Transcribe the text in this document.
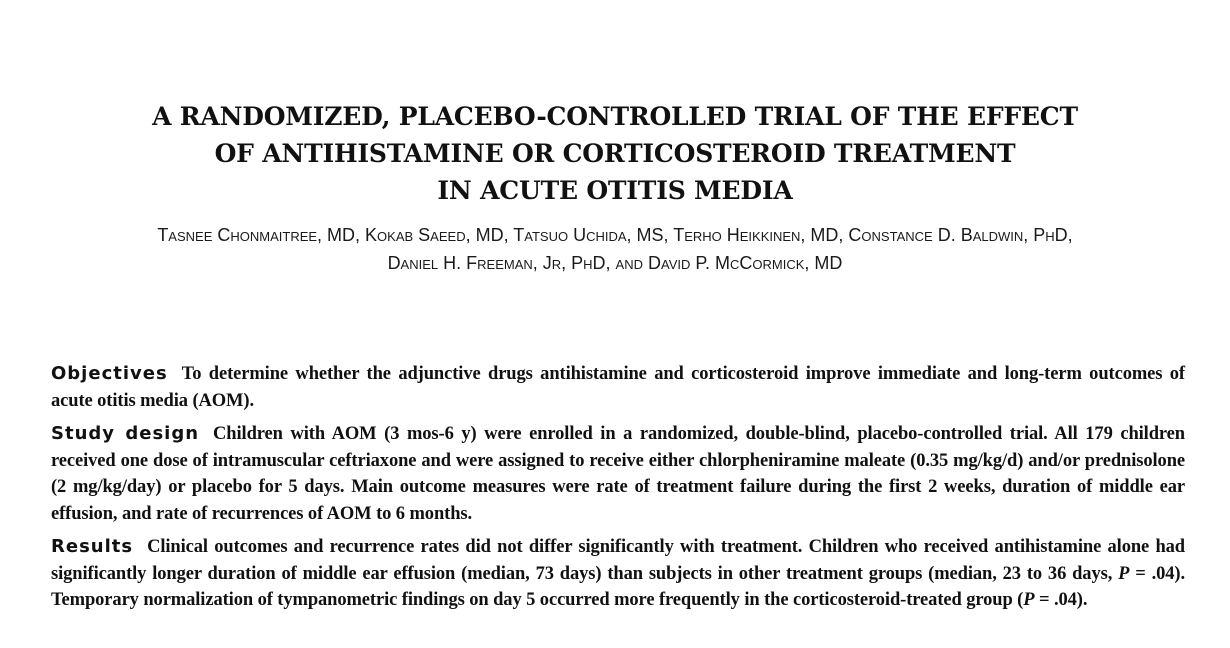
A RANDOMIZED, PLACEBO-CONTROLLED TRIAL OF THE EFFECT
OF ANTIHISTAMINE OR CORTICOSTEROID TREATMENT
IN ACUTE OTITIS MEDIA
Tasnee Chonmaitree, MD, Kokab Saeed, MD, Tatsuo Uchida, MS, Terho Heikkinen, MD, Constance D. Baldwin, PhD,
Daniel H. Freeman, Jr, PhD, and David P. McCormick, MD

Objectives To determine whether the adjunctive drugs antihistamine and corticosteroid improve immediate and long-term outcomes of acute otitis media (AOM).

Study design Children with AOM (3 mos-6 y) were enrolled in a randomized, double-blind, placebo-controlled trial. All 179 children received one dose of intramuscular ceftriaxone and were assigned to receive either chlorpheniramine maleate (0.35 mg/kg/d) and/or prednisolone (2 mg/kg/day) or placebo for 5 days. Main outcome measures were rate of treatment failure during the first 2 weeks, duration of middle ear effusion, and rate of recurrences of AOM to 6 months.

Results Clinical outcomes and recurrence rates did not differ significantly with treatment. Children who received antihistamine alone had significantly longer duration of middle ear effusion (median, 73 days) than subjects in other treatment groups (median, 23 to 36 days, P = .04). Temporary normalization of tympanometric findings on day 5 occurred more frequently in the corticosteroid-treated group (P = .04).
